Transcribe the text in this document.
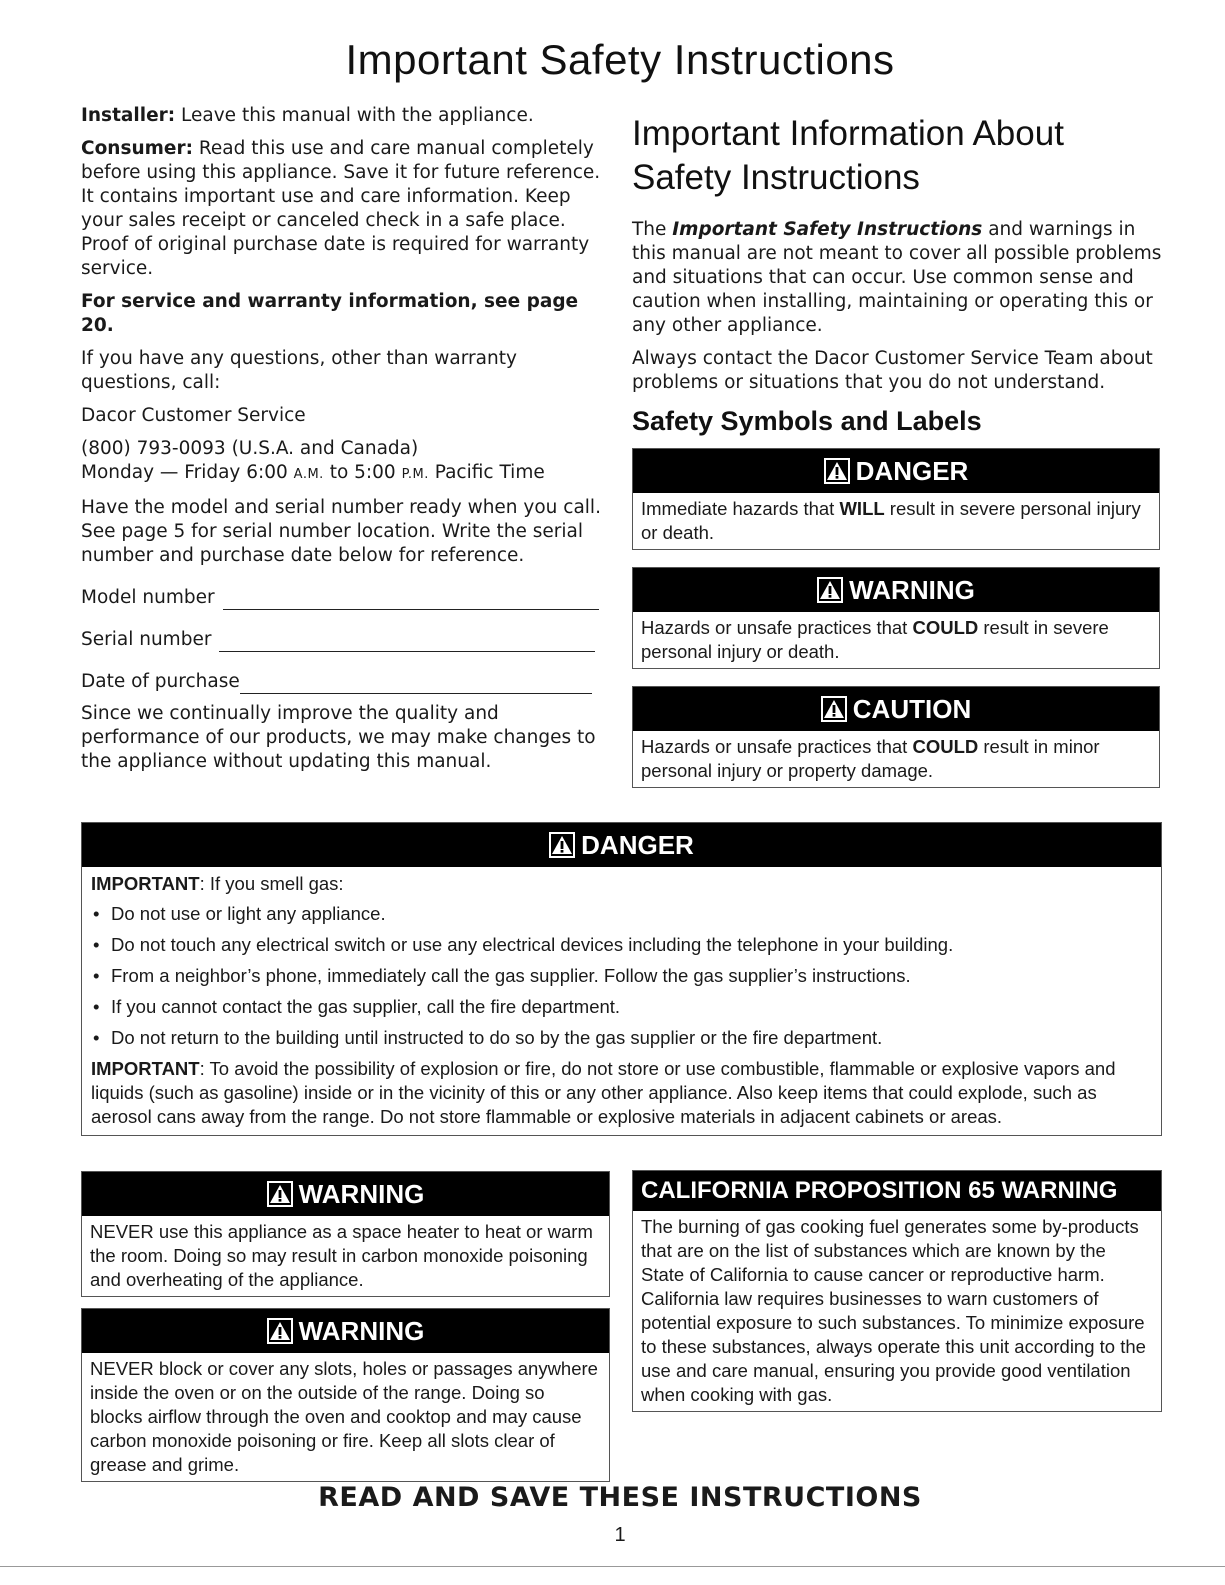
Important Safety Instructions

Installer: Leave this manual with the appliance.

Consumer: Read this use and care manual completely before using this appliance. Save it for future reference. It contains important use and care information. Keep your sales receipt or canceled check in a safe place. Proof of original purchase date is required for warranty service.

For service and warranty information, see page 20.

If you have any questions, other than warranty questions, call:

Dacor Customer Service

(800) 793-0093 (U.S.A. and Canada)
Monday — Friday 6:00 A.M. to 5:00 P.M. Pacific Time

Have the model and serial number ready when you call. See page 5 for serial number location. Write the serial number and purchase date below for reference.

Model number
Serial number
Date of purchase

Since we continually improve the quality and performance of our products, we may make changes to the appliance without updating this manual.

Important Information About Safety Instructions

The Important Safety Instructions and warnings in this manual are not meant to cover all possible problems and situations that can occur. Use common sense and caution when installing, maintaining or operating this or any other appliance.

Always contact the Dacor Customer Service Team about problems or situations that you do not understand.

Safety Symbols and Labels
DANGER
Immediate hazards that WILL result in severe personal injury or death.
WARNING
Hazards or unsafe practices that COULD result in severe personal injury or death.
CAUTION
Hazards or unsafe practices that COULD result in minor personal injury or property damage.
DANGER
IMPORTANT: If you smell gas:
• Do not use or light any appliance.
• Do not touch any electrical switch or use any electrical devices including the telephone in your building.
• From a neighbor’s phone, immediately call the gas supplier. Follow the gas supplier’s instructions.
• If you cannot contact the gas supplier, call the fire department.
• Do not return to the building until instructed to do so by the gas supplier or the fire department.
IMPORTANT: To avoid the possibility of explosion or fire, do not store or use combustible, flammable or explosive vapors and liquids (such as gasoline) inside or in the vicinity of this or any other appliance. Also keep items that could explode, such as aerosol cans away from the range. Do not store flammable or explosive materials in adjacent cabinets or areas.
WARNING
NEVER use this appliance as a space heater to heat or warm the room. Doing so may result in carbon monoxide poisoning and overheating of the appliance.
WARNING
NEVER block or cover any slots, holes or passages anywhere inside the oven or on the outside of the range. Doing so blocks airflow through the oven and cooktop and may cause carbon monoxide poisoning or fire. Keep all slots clear of grease and grime.
CALIFORNIA PROPOSITION 65 WARNING
The burning of gas cooking fuel generates some by-products that are on the list of substances which are known by the State of California to cause cancer or reproductive harm. California law requires businesses to warn customers of potential exposure to such substances. To minimize exposure to these substances, always operate this unit according to the use and care manual, ensuring you provide good ventilation when cooking with gas.
READ AND SAVE THESE INSTRUCTIONS
1
